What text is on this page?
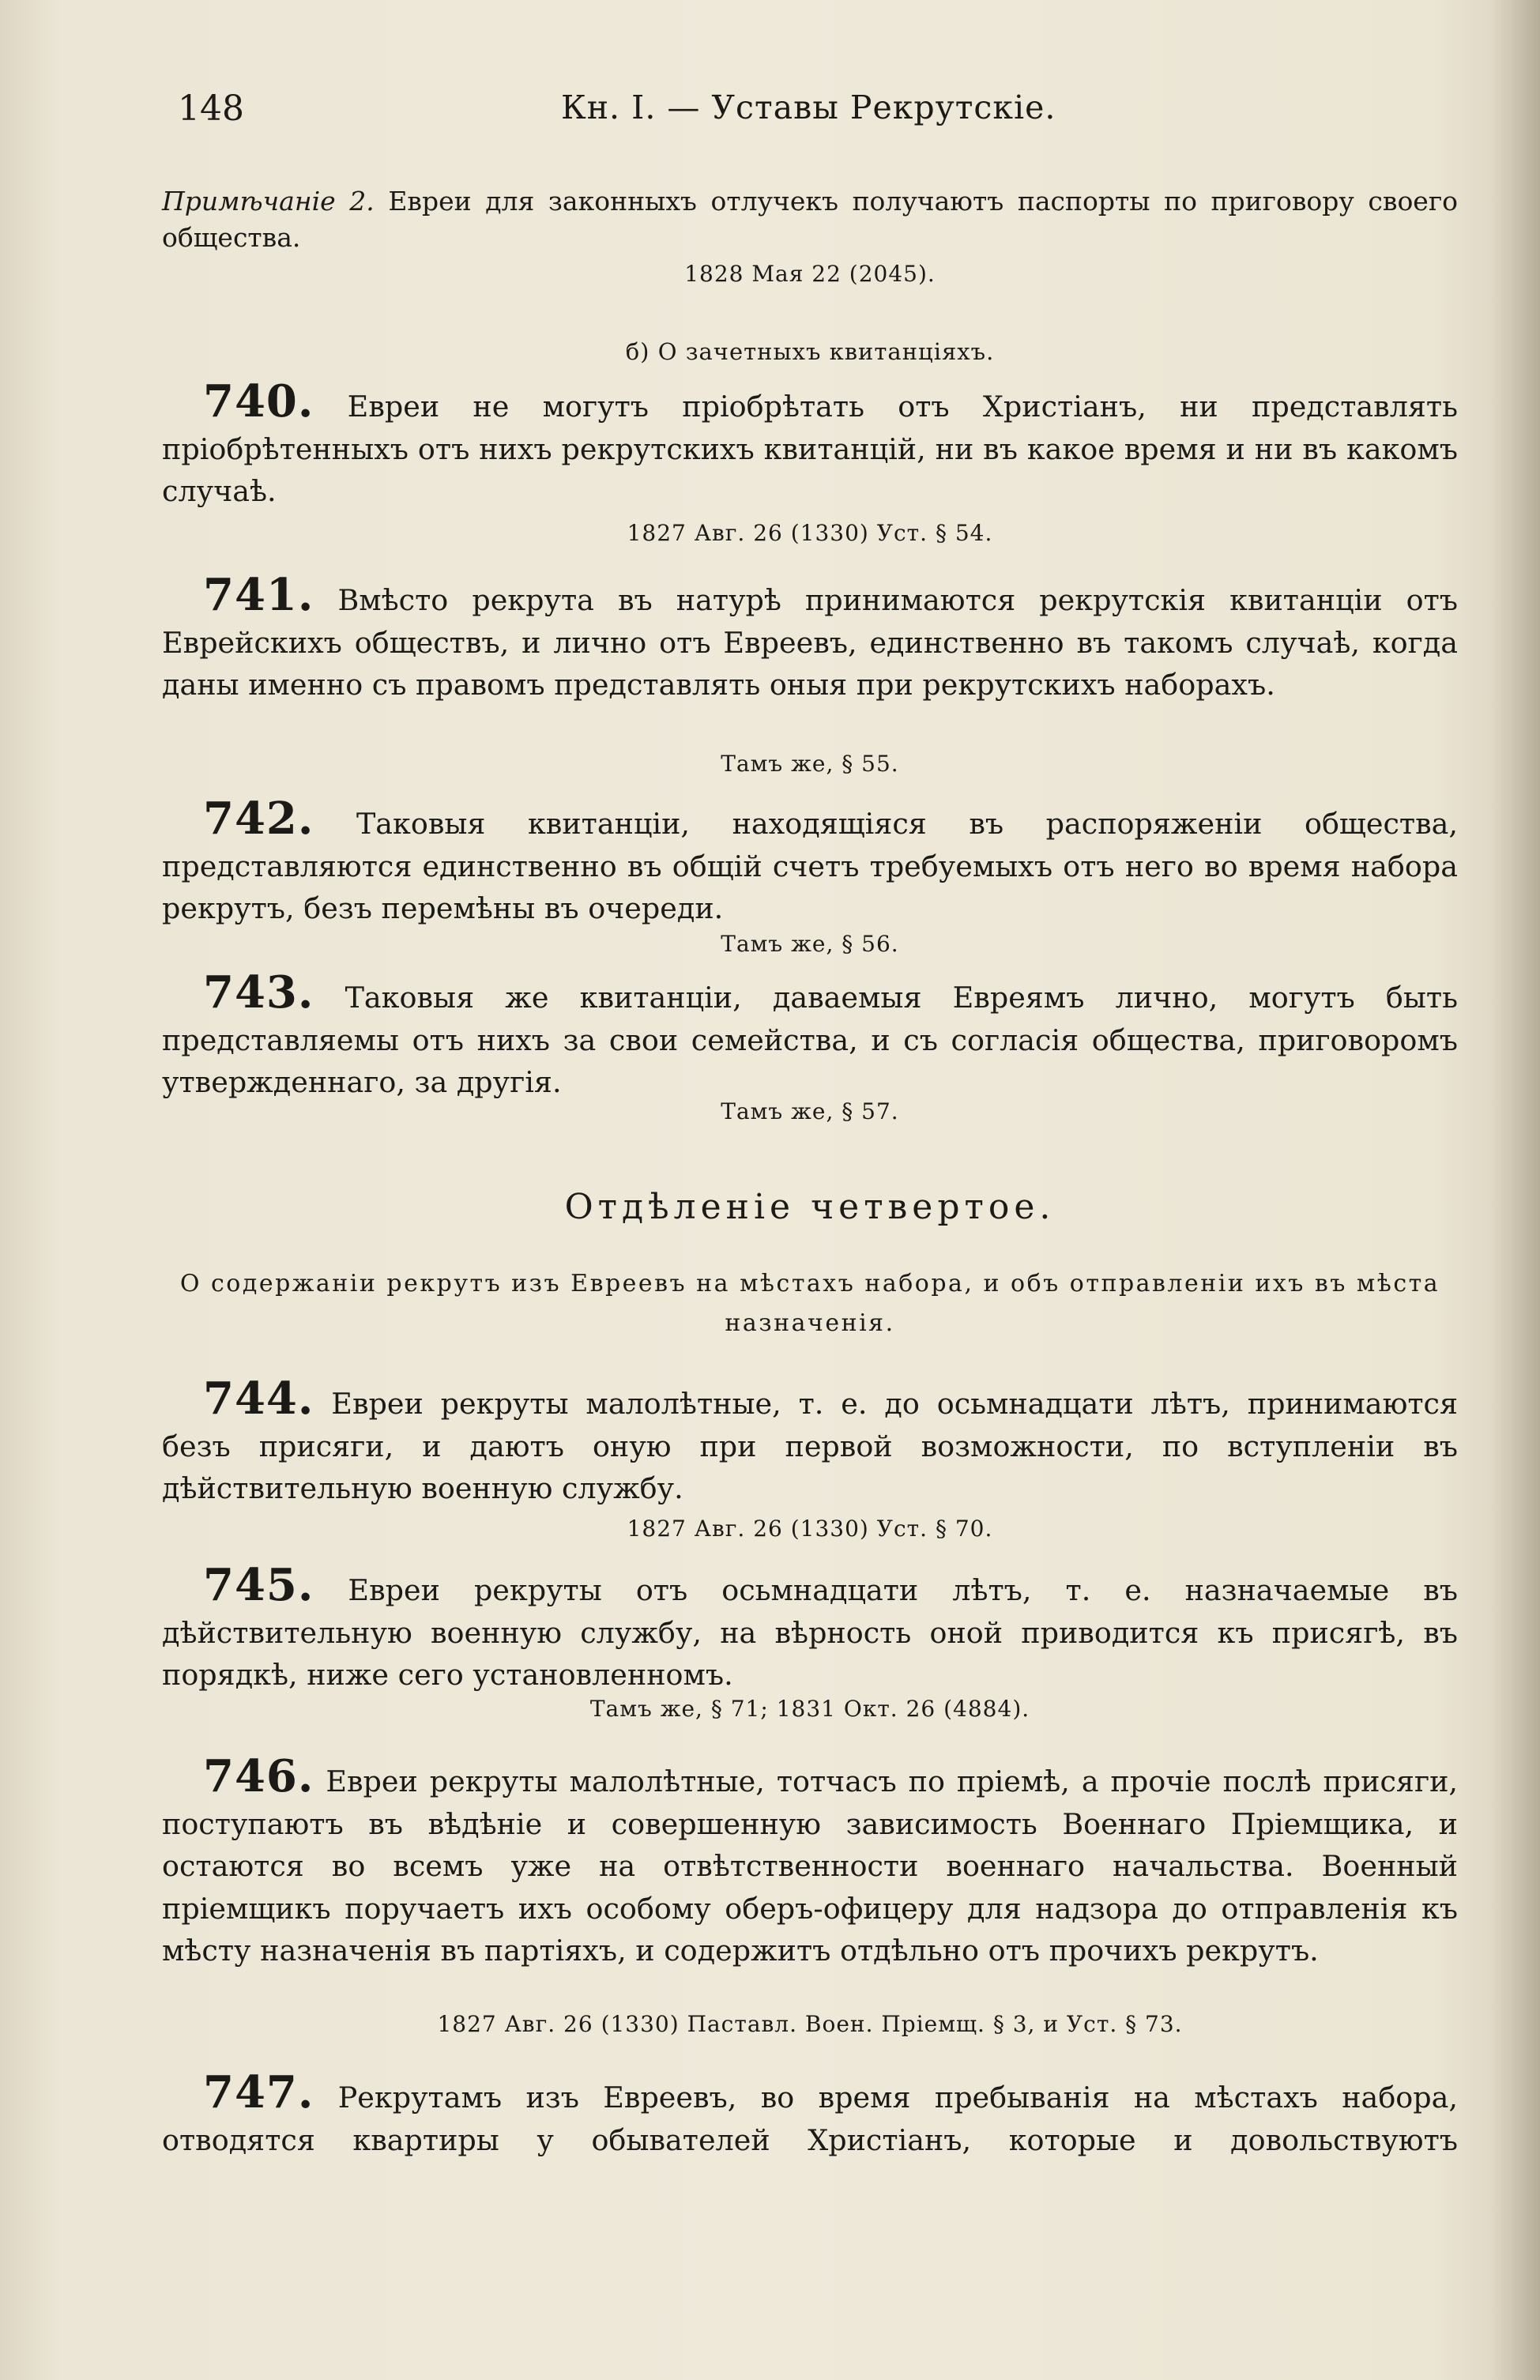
148	Кн. I. — Уставы Рекрутскіе.
Примѣчаніе 2. Евреи для законныхъ отлучекъ получаютъ паспорты по приговору своего общества.
1828 Мая 22 (2045).
б) О зачетныхъ квитанціяхъ.
740. Евреи не могутъ пріобрѣтать отъ Христіанъ, ни представлять пріобрѣтенныхъ отъ нихъ рекрутскихъ квитанцій, ни въ какое время и ни въ какомъ случаѣ.
1827 Авг. 26 (1330) Уст. § 54.
741. Вмѣсто рекрута въ натурѣ принимаются рекрутскія квитанціи отъ Еврейскихъ обществъ, и лично отъ Евреевъ, единственно въ такомъ случаѣ, когда даны именно съ правомъ представлять оныя при рекрутскихъ наборахъ.
Тамъ же, § 55.
742. Таковыя квитанціи, находящіяся въ распоряженіи общества, представляются единственно въ общій счетъ требуемыхъ отъ него во время набора рекрутъ, безъ перемѣны въ очереди.
Тамъ же, § 56.
743. Таковыя же квитанціи, даваемыя Евреямъ лично, могутъ быть представляемы отъ нихъ за свои семейства, и съ согласія общества, приговоромъ утвержденнаго, за другія.
Тамъ же, § 57.
Отдѣленіе четвертое.
О содержаніи рекрутъ изъ Евреевъ на мѣстахъ набора, и объ отправленіи ихъ въ мѣста назначенія.
744. Евреи рекруты малолѣтные, т. е. до осьмнадцати лѣтъ, принимаются безъ присяги, и даютъ оную при первой возможности, по вступленіи въ дѣйствительную военную службу.
1827 Авг. 26 (1330) Уст. § 70.
745. Евреи рекруты отъ осьмнадцати лѣтъ, т. е. назначаемые въ дѣйствительную военную службу, на вѣрность оной приводится къ присягѣ, въ порядкѣ, ниже сего установленномъ.
Тамъ же, § 71; 1831 Окт. 26 (4884).
746. Евреи рекруты малолѣтные, тотчасъ по пріемѣ, а прочіе послѣ присяги, поступаютъ въ вѣдѣніе и совершенную зависимость Военнаго Пріемщика, и остаются во всемъ уже на отвѣтственности военнаго начальства. Военный пріемщикъ поручаетъ ихъ особому оберъ-офицеру для надзора до отправленія къ мѣсту назначенія въ партіяхъ, и содержитъ отдѣльно отъ прочихъ рекрутъ.
1827 Авг. 26 (1330) Паставл. Воен. Пріемщ. § 3, и Уст. § 73.
747. Рекрутамъ изъ Евреевъ, во время пребыванія на мѣстахъ набора, отводятся квартиры у обывателей Христіанъ, которые и довольствуютъ
